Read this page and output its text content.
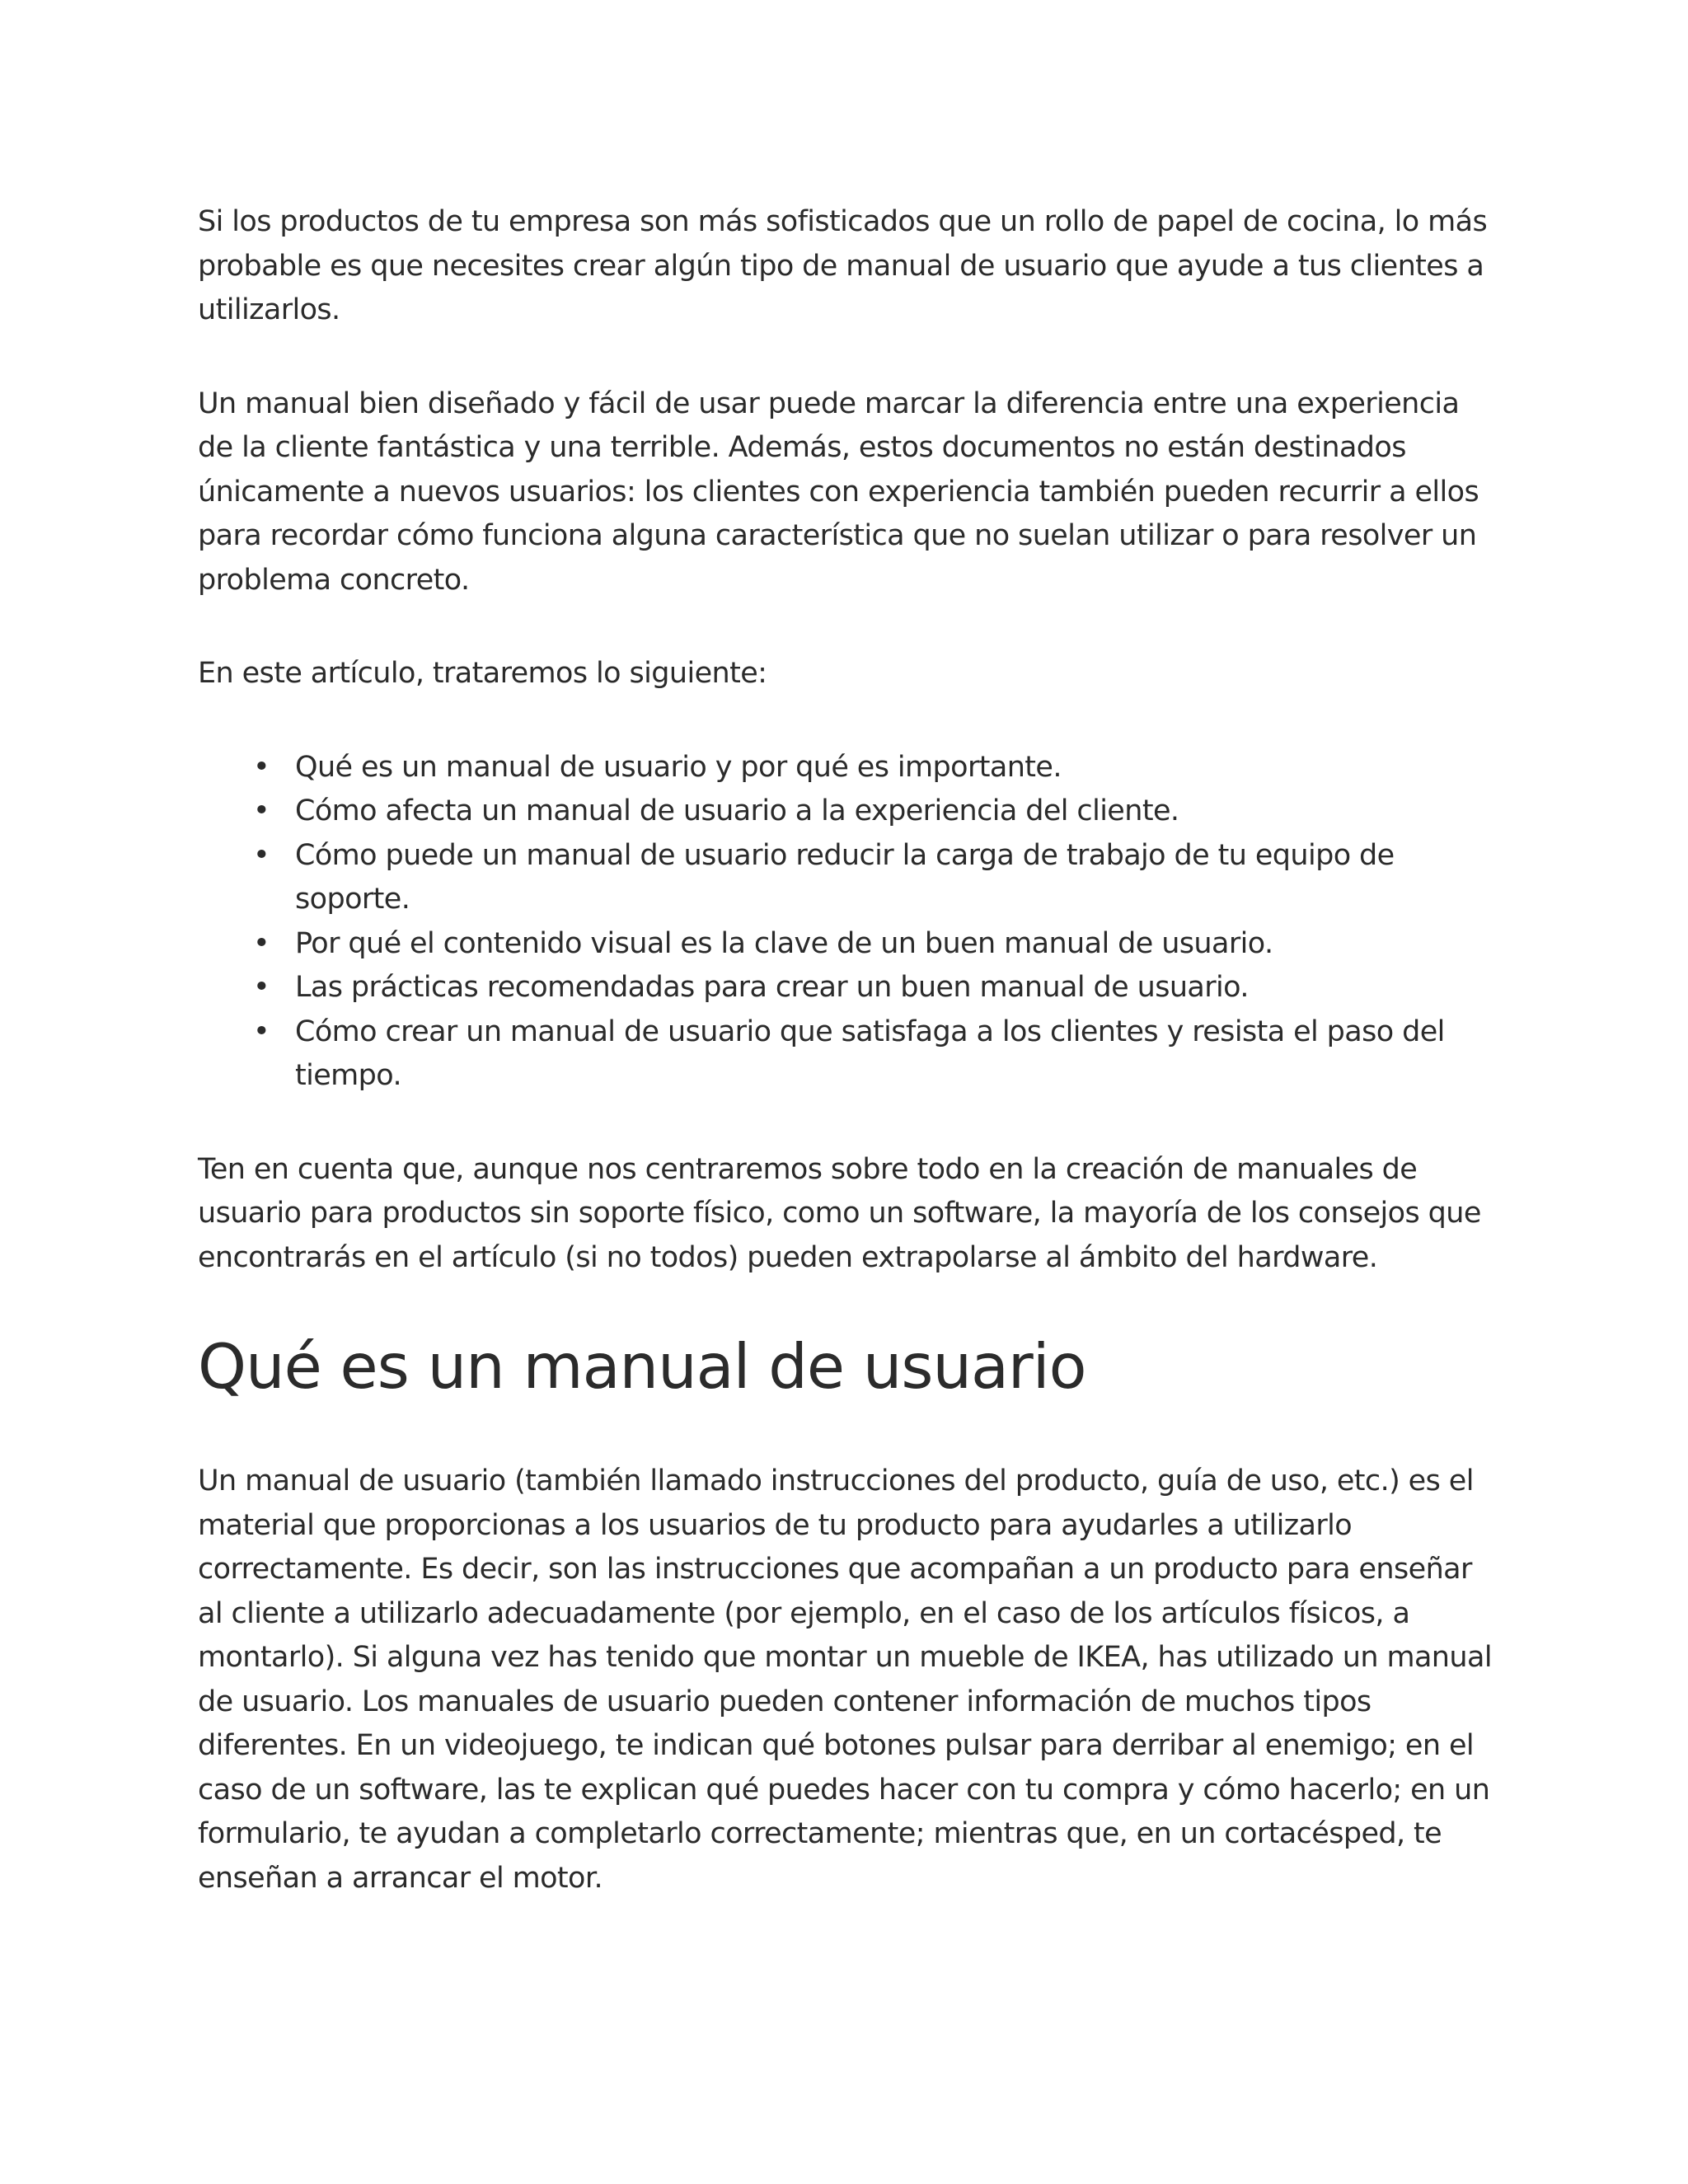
Si los productos de tu empresa son más sofisticados que un rollo de papel de cocina, lo más probable es que necesites crear algún tipo de manual de usuario que ayude a tus clientes a utilizarlos.

Un manual bien diseñado y fácil de usar puede marcar la diferencia entre una experiencia de la cliente fantástica y una terrible. Además, estos documentos no están destinados únicamente a nuevos usuarios: los clientes con experiencia también pueden recurrir a ellos para recordar cómo funciona alguna característica que no suelan utilizar o para resolver un problema concreto.

En este artículo, trataremos lo siguiente:

• Qué es un manual de usuario y por qué es importante.
• Cómo afecta un manual de usuario a la experiencia del cliente.
• Cómo puede un manual de usuario reducir la carga de trabajo de tu equipo de soporte.
• Por qué el contenido visual es la clave de un buen manual de usuario.
• Las prácticas recomendadas para crear un buen manual de usuario.
• Cómo crear un manual de usuario que satisfaga a los clientes y resista el paso del tiempo.

Ten en cuenta que, aunque nos centraremos sobre todo en la creación de manuales de usuario para productos sin soporte físico, como un software, la mayoría de los consejos que encontrarás en el artículo (si no todos) pueden extrapolarse al ámbito del hardware.

Qué es un manual de usuario

Un manual de usuario (también llamado instrucciones del producto, guía de uso, etc.) es el material que proporcionas a los usuarios de tu producto para ayudarles a utilizarlo correctamente. Es decir, son las instrucciones que acompañan a un producto para enseñar al cliente a utilizarlo adecuadamente (por ejemplo, en el caso de los artículos físicos, a montarlo). Si alguna vez has tenido que montar un mueble de IKEA, has utilizado un manual de usuario. Los manuales de usuario pueden contener información de muchos tipos diferentes. En un videojuego, te indican qué botones pulsar para derribar al enemigo; en el caso de un software, las te explican qué puedes hacer con tu compra y cómo hacerlo; en un formulario, te ayudan a completarlo correctamente; mientras que, en un cortacésped, te enseñan a arrancar el motor.
